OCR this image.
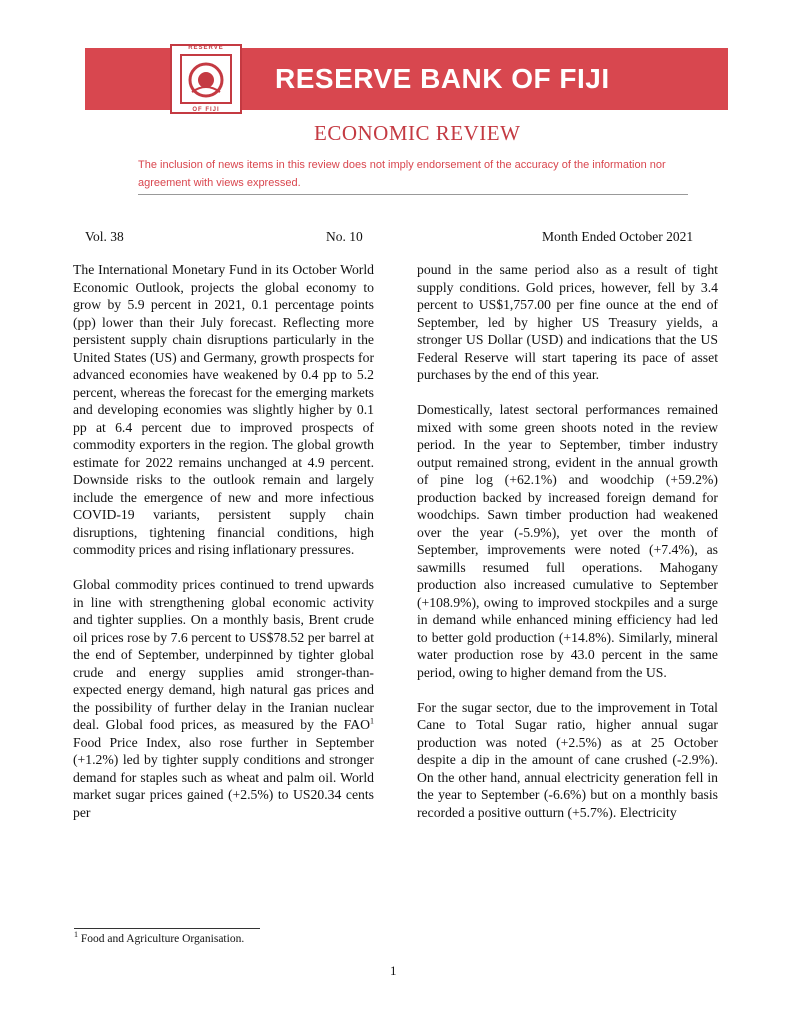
RESERVE
OF FIJI
RESERVE BANK OF FIJI
ECONOMIC REVIEW
The inclusion of news items in this review does not imply endorsement of the accuracy of the information nor agreement with views expressed.
Vol. 38	No. 10	Month Ended October 2021

The International Monetary Fund in its October World Economic Outlook, projects the global economy to grow by 5.9 percent in 2021, 0.1 percentage points (pp) lower than their July forecast. Reflecting more persistent supply chain disruptions particularly in the United States (US) and Germany, growth prospects for advanced economies have weakened by 0.4 pp to 5.2 percent, whereas the forecast for the emerging markets and developing economies was slightly higher by 0.1 pp at 6.4 percent due to improved prospects of commodity exporters in the region. The global growth estimate for 2022 remains unchanged at 4.9 percent. Downside risks to the outlook remain and largely include the emergence of new and more infectious COVID-19 variants, persistent supply chain disruptions, tightening financial conditions, high commodity prices and rising inflationary pressures.

Global commodity prices continued to trend upwards in line with strengthening global economic activity and tighter supplies. On a monthly basis, Brent crude oil prices rose by 7.6 percent to US$78.52 per barrel at the end of September, underpinned by tighter global crude and energy supplies amid stronger-than-expected energy demand, high natural gas prices and the possibility of further delay in the Iranian nuclear deal. Global food prices, as measured by the FAO$^1$ Food Price Index, also rose further in September (+1.2%) led by tighter supply conditions and stronger demand for staples such as wheat and palm oil. World market sugar prices gained (+2.5%) to US20.34 cents per

pound in the same period also as a result of tight supply conditions. Gold prices, however, fell by 3.4 percent to US$1,757.00 per fine ounce at the end of September, led by higher US Treasury yields, a stronger US Dollar (USD) and indications that the US Federal Reserve will start tapering its pace of asset purchases by the end of this year.

Domestically, latest sectoral performances remained mixed with some green shoots noted in the review period. In the year to September, timber industry output remained strong, evident in the annual growth of pine log (+62.1%) and woodchip (+59.2%) production backed by increased foreign demand for woodchips. Sawn timber production had weakened over the year (-5.9%), yet over the month of September, improvements were noted (+7.4%), as sawmills resumed full operations. Mahogany production also increased cumulative to September (+108.9%), owing to improved stockpiles and a surge in demand while enhanced mining efficiency had led to better gold production (+14.8%). Similarly, mineral water production rose by 43.0 percent in the same period, owing to higher demand from the US.

For the sugar sector, due to the improvement in Total Cane to Total Sugar ratio, higher annual sugar production was noted (+2.5%) as at 25 October despite a dip in the amount of cane crushed (-2.9%). On the other hand, annual electricity generation fell in the year to September (-6.6%) but on a monthly basis recorded a positive outturn (+5.7%). Electricity

$^1$ Food and Agriculture Organisation.
1
